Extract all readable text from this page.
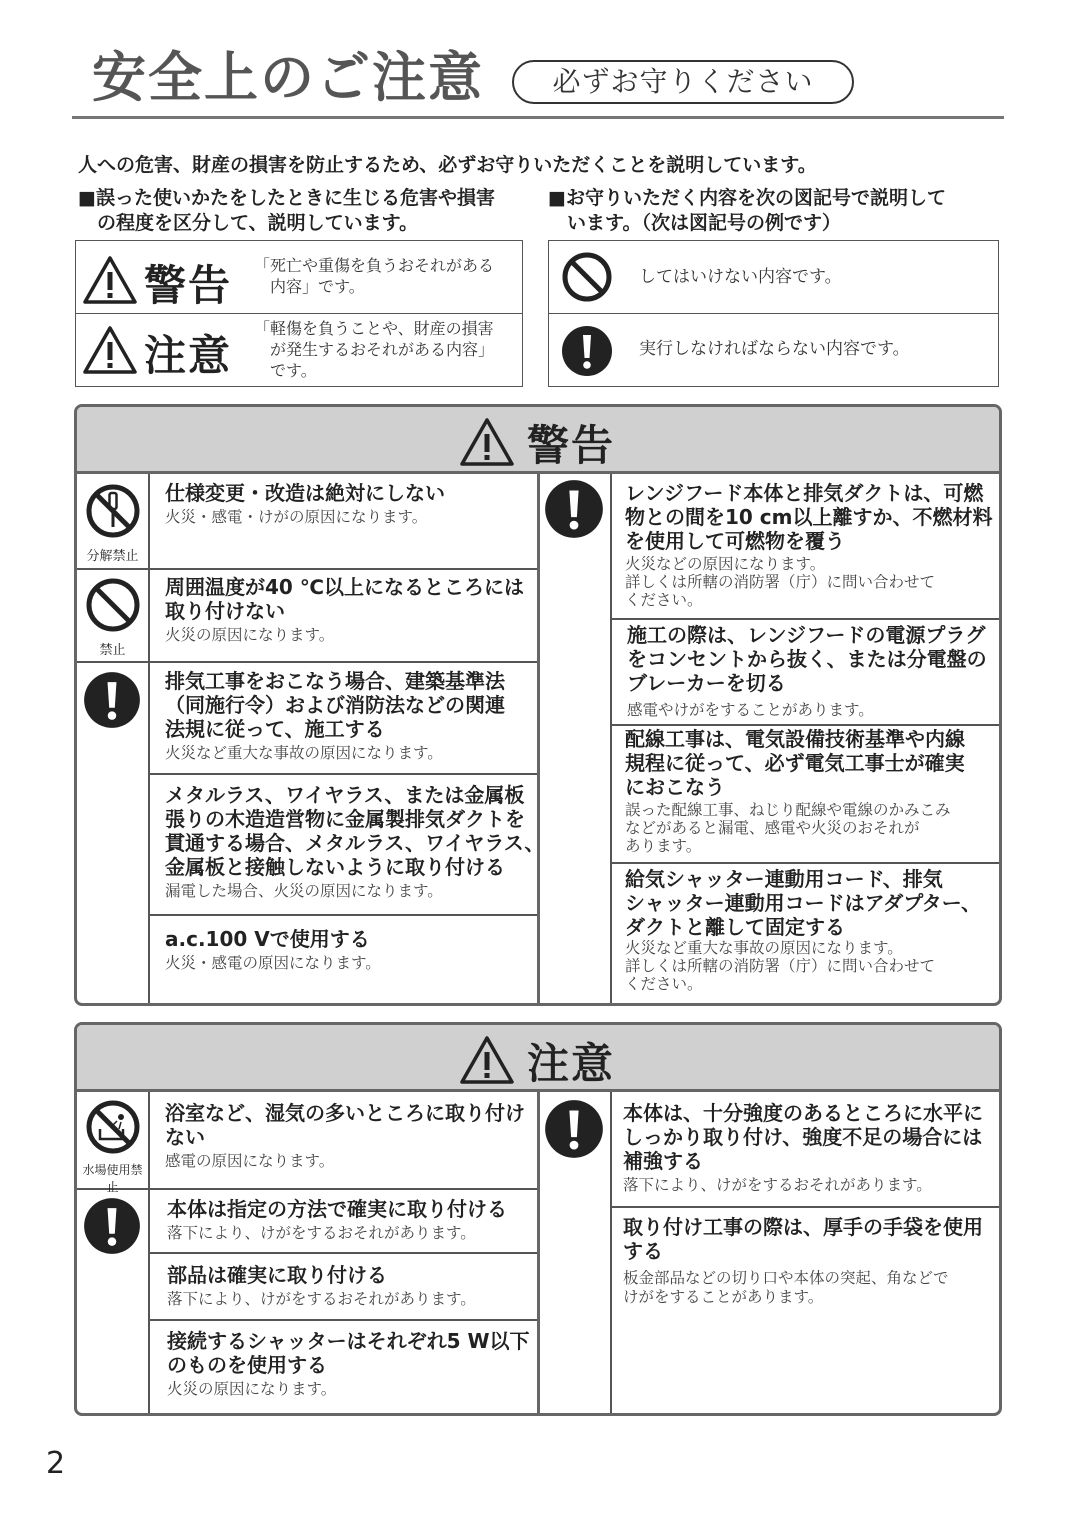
安全上のご注意	必ずお守りください
人への危害、財産の損害を防止するため、必ずお守りいただくことを説明しています。
■誤った使いかたをしたときに生じる危害や損害
　の程度を区分して、説明しています。
■お守りいただく内容を次の図記号で説明して
　います。（次は図記号の例です）
警告 「死亡や重傷を負うおそれがある
　内容」です。
注意
「軽傷を負うことや、財産の損害
　が発生するおそれがある内容」
　です。
してはいけない内容です。
実行しなければならない内容です。
警告
分解禁止
禁止
仕様変更・改造は絶対にしない
火災・感電・けがの原因になります。
周囲温度が40 ℃以上になるところには
取り付けない
火災の原因になります。
排気工事をおこなう場合、建築基準法
（同施行令）および消防法などの関連
法規に従って、施工する
火災など重大な事故の原因になります。
メタルラス、ワイヤラス、または金属板
張りの木造造営物に金属製排気ダクトを
貫通する場合、メタルラス、ワイヤラス、
金属板と接触しないように取り付ける
漏電した場合、火災の原因になります。
a.c.100 Vで使用する
火災・感電の原因になります。
レンジフード本体と排気ダクトは、可燃
物との間を10 cm以上離すか、不燃材料
を使用して可燃物を覆う
火災などの原因になります。
詳しくは所轄の消防署（庁）に問い合わせて
ください。
施工の際は、レンジフードの電源プラグ
をコンセントから抜く、または分電盤の
ブレーカーを切る
感電やけがをすることがあります。
配線工事は、電気設備技術基準や内線
規程に従って、必ず電気工事士が確実
におこなう
誤った配線工事、ねじり配線や電線のかみこみ
などがあると漏電、感電や火災のおそれが
あります。
給気シャッター連動用コード、排気
シャッター連動用コードはアダプター、
ダクトと離して固定する
火災など重大な事故の原因になります。
詳しくは所轄の消防署（庁）に問い合わせて
ください。
注意
水場使用禁止
浴室など、湿気の多いところに取り付け
ない
感電の原因になります。
本体は指定の方法で確実に取り付ける
落下により、けがをするおそれがあります。
部品は確実に取り付ける
落下により、けがをするおそれがあります。
接続するシャッターはそれぞれ5 W以下
のものを使用する
火災の原因になります。
本体は、十分強度のあるところに水平に
しっかり取り付け、強度不足の場合には
補強する
落下により、けがをするおそれがあります。
取り付け工事の際は、厚手の手袋を使用
する
板金部品などの切り口や本体の突起、角などで
けがをすることがあります。
2
